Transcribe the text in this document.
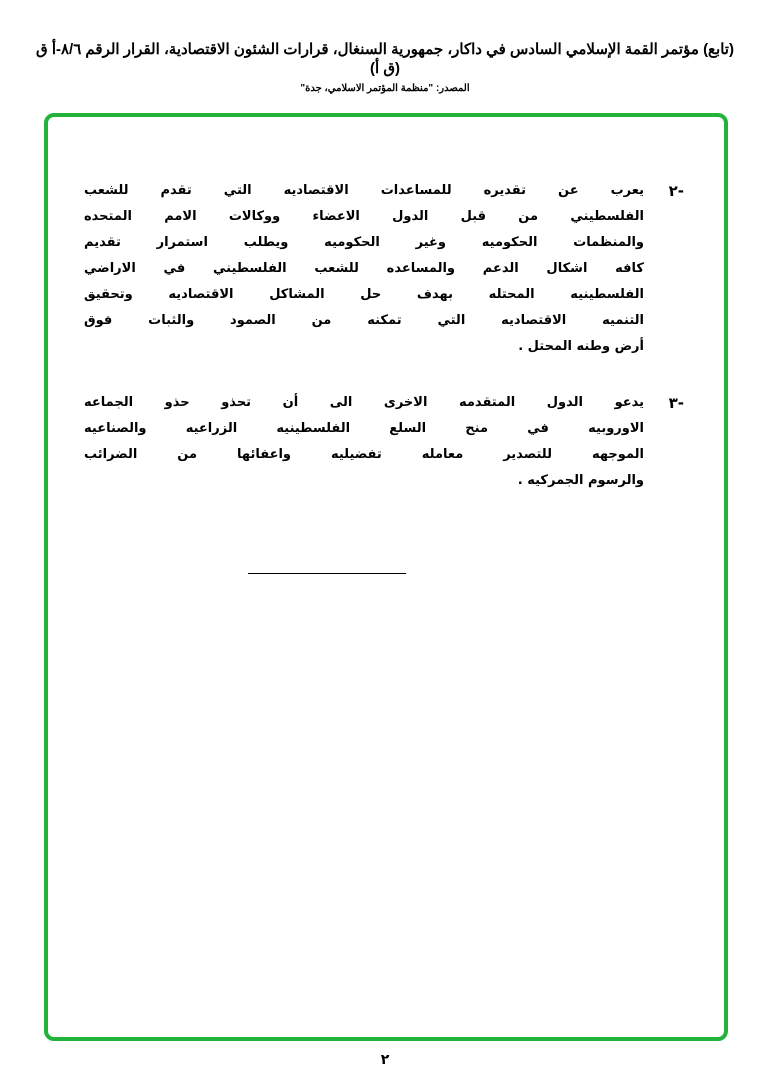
(تابع) مؤتمر القمة الإسلامي السادس في داكار، جمهورية السنغال، قرارات الشئون الاقتصادية، القرار الرقم ٨/٦-أ ق (ق أ)
المصدر: "منظمة المؤتمر الاسلامي، جدة"
-٢
يعرب عن تقديره للمساعدات الاقتصاديه التي تقدم للشعب
الفلسطيني من قبل الدول الاعضاء ووكالات الامم المتحده
والمنظمات الحكوميه وغير الحكوميه ويطلب استمرار تقديم
كافه اشكال الدعم والمساعده للشعب الفلسطيني في الاراضي
الفلسطينيه المحتله بهدف حل المشاكل الاقتصاديه وتحقيق
التنميه الاقتصاديه التي تمكنه من الصمود والثبات فوق
أرض وطنه المحتل .
-٣
يدعو الدول المتقدمه الاخرى الى أن تحذو حذو الجماعه
الاوروبيه في منح السلع الفلسطينيه الزراعيه والصناعيه
الموجهه للتصدير معامله تفضيليه واعفائها من الضرائب
والرسوم الجمركيه .
٢
